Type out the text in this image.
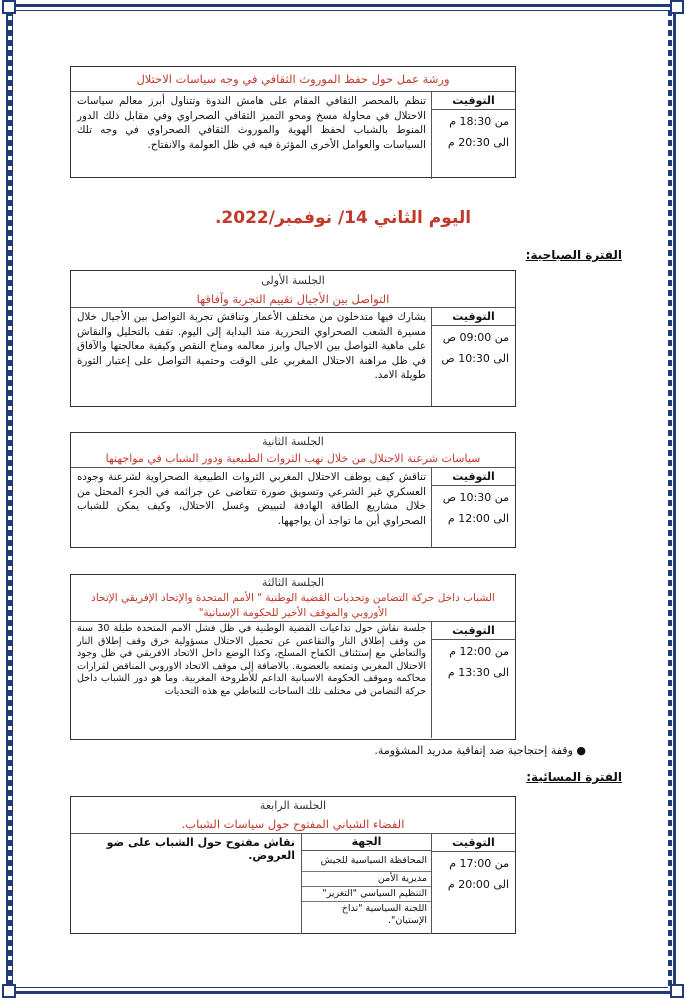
ورشة عمل حول حفظ الموروث الثقافي في وجه سياسات الاحتلال
التوقيت
من 18:30 م
الى 20:30 م
تنظم بالمحصر الثقافي المقام على هامش الندوة وتتناول أبرز معالم سياسات الاحتلال في محاولة مسخ ومحو التميز الثقافي الصحراوي وفي مقابل ذلك الدور المنوط بالشباب لحفظ الهوية والموروث الثقافي الصحراوي في وجه تلك السياسات والعوامل الأخرى المؤثرة فيه في ظل العولمة والانفتاح.
اليوم الثاني 14/ نوفمبر/2022.
الفترة الصباحية:
الجلسة الأولى
التواصل بين الأجيال تقييم التجربة وآفاقها
التوقيت
من 09:00 ص
الى 10:30 ص
يشارك فيها متدخلون من مختلف الأعمار وتناقش تجربة التواصل بين الأجيال خلال مسيرة الشعب الصحراوي التحررية منذ البداية إلى اليوم. تقف بالتحليل والنقاش على ماهية التواصل بين الاجيال وابرز معالمه ومناخ النقص وكيفية معالجتها والآفاق في ظل مراهنة الاحتلال المغربي على الوقت وحتمية التواصل على إعتبار الثورة طويلة الامد.
الجلسة الثانية
سياسات شرعنة الاحتلال من خلال نهب الثروات الطبيعية ودور الشباب في مواجهتها
التوقيت
من 10:30 ص
الى 12:00 م
تناقش كيف يوظف الاحتلال المغربي الثروات الطبيعية الصحراوية لشرعنة وجوده العسكري غير الشرعي وتسويق صورة تتغاضى عن جرائمه في الجزء المحتل من خلال مشاريع الطاقة الهادفة لتبييض وغسل الاحتلال، وكيف يمكن للشباب الصحراوي أين ما تواجد أن يواجهها.
الجلسة الثالثة
الشباب داخل حركة التضامن وتحديات القضية الوطنية " الأمم المتحدة والإتحاد الإفريقي الإتحاد الأوروبي والموقف الأخير للحكومة الإسبانية"
التوقيت
من 12:00 م
الى 13:30 م
جلسة نقاش حول تداعيات القضية الوطنية في ظل فشل الامم المتحدة طيلة 30 سنة من وقف إطلاق النار والتقاعس عن تحميل الاحتلال مسؤولية خرق وقف إطلاق النار والتعاطي مع إستئناف الكفاح المسلح، وكذا الوضع داخل الاتحاد الافريقي في ظل وجود الاحتلال المغربي وتمتعه بالعضوية. بالاضافة إلى موقف الاتحاد الاوروبي المناقض لقرارات محاكمه وموقف الحكومة الاسبانية الداعم للأطروحة المغربية. وما هو دور الشباب داخل حركة التضامن في مختلف تلك الساحات للتعاطي مع هذه التحديات
● وقفة إحتجاجية ضد إتفاقية مدريد المشؤومة.
الفترة المسائية:
الجلسة الرابعة
الفضاء الشباني المفتوح حول سياسات الشباب.
التوقيت
من 17:00 م
الى 20:00 م
الجهة
المحافظة السياسية للجيش
مديرية الأمن
التنظيم السياسي "التغرير"
اللجنة السياسية "تداخ الإستيان".
نقاش مفتوح حول الشباب على ضو العروض.
